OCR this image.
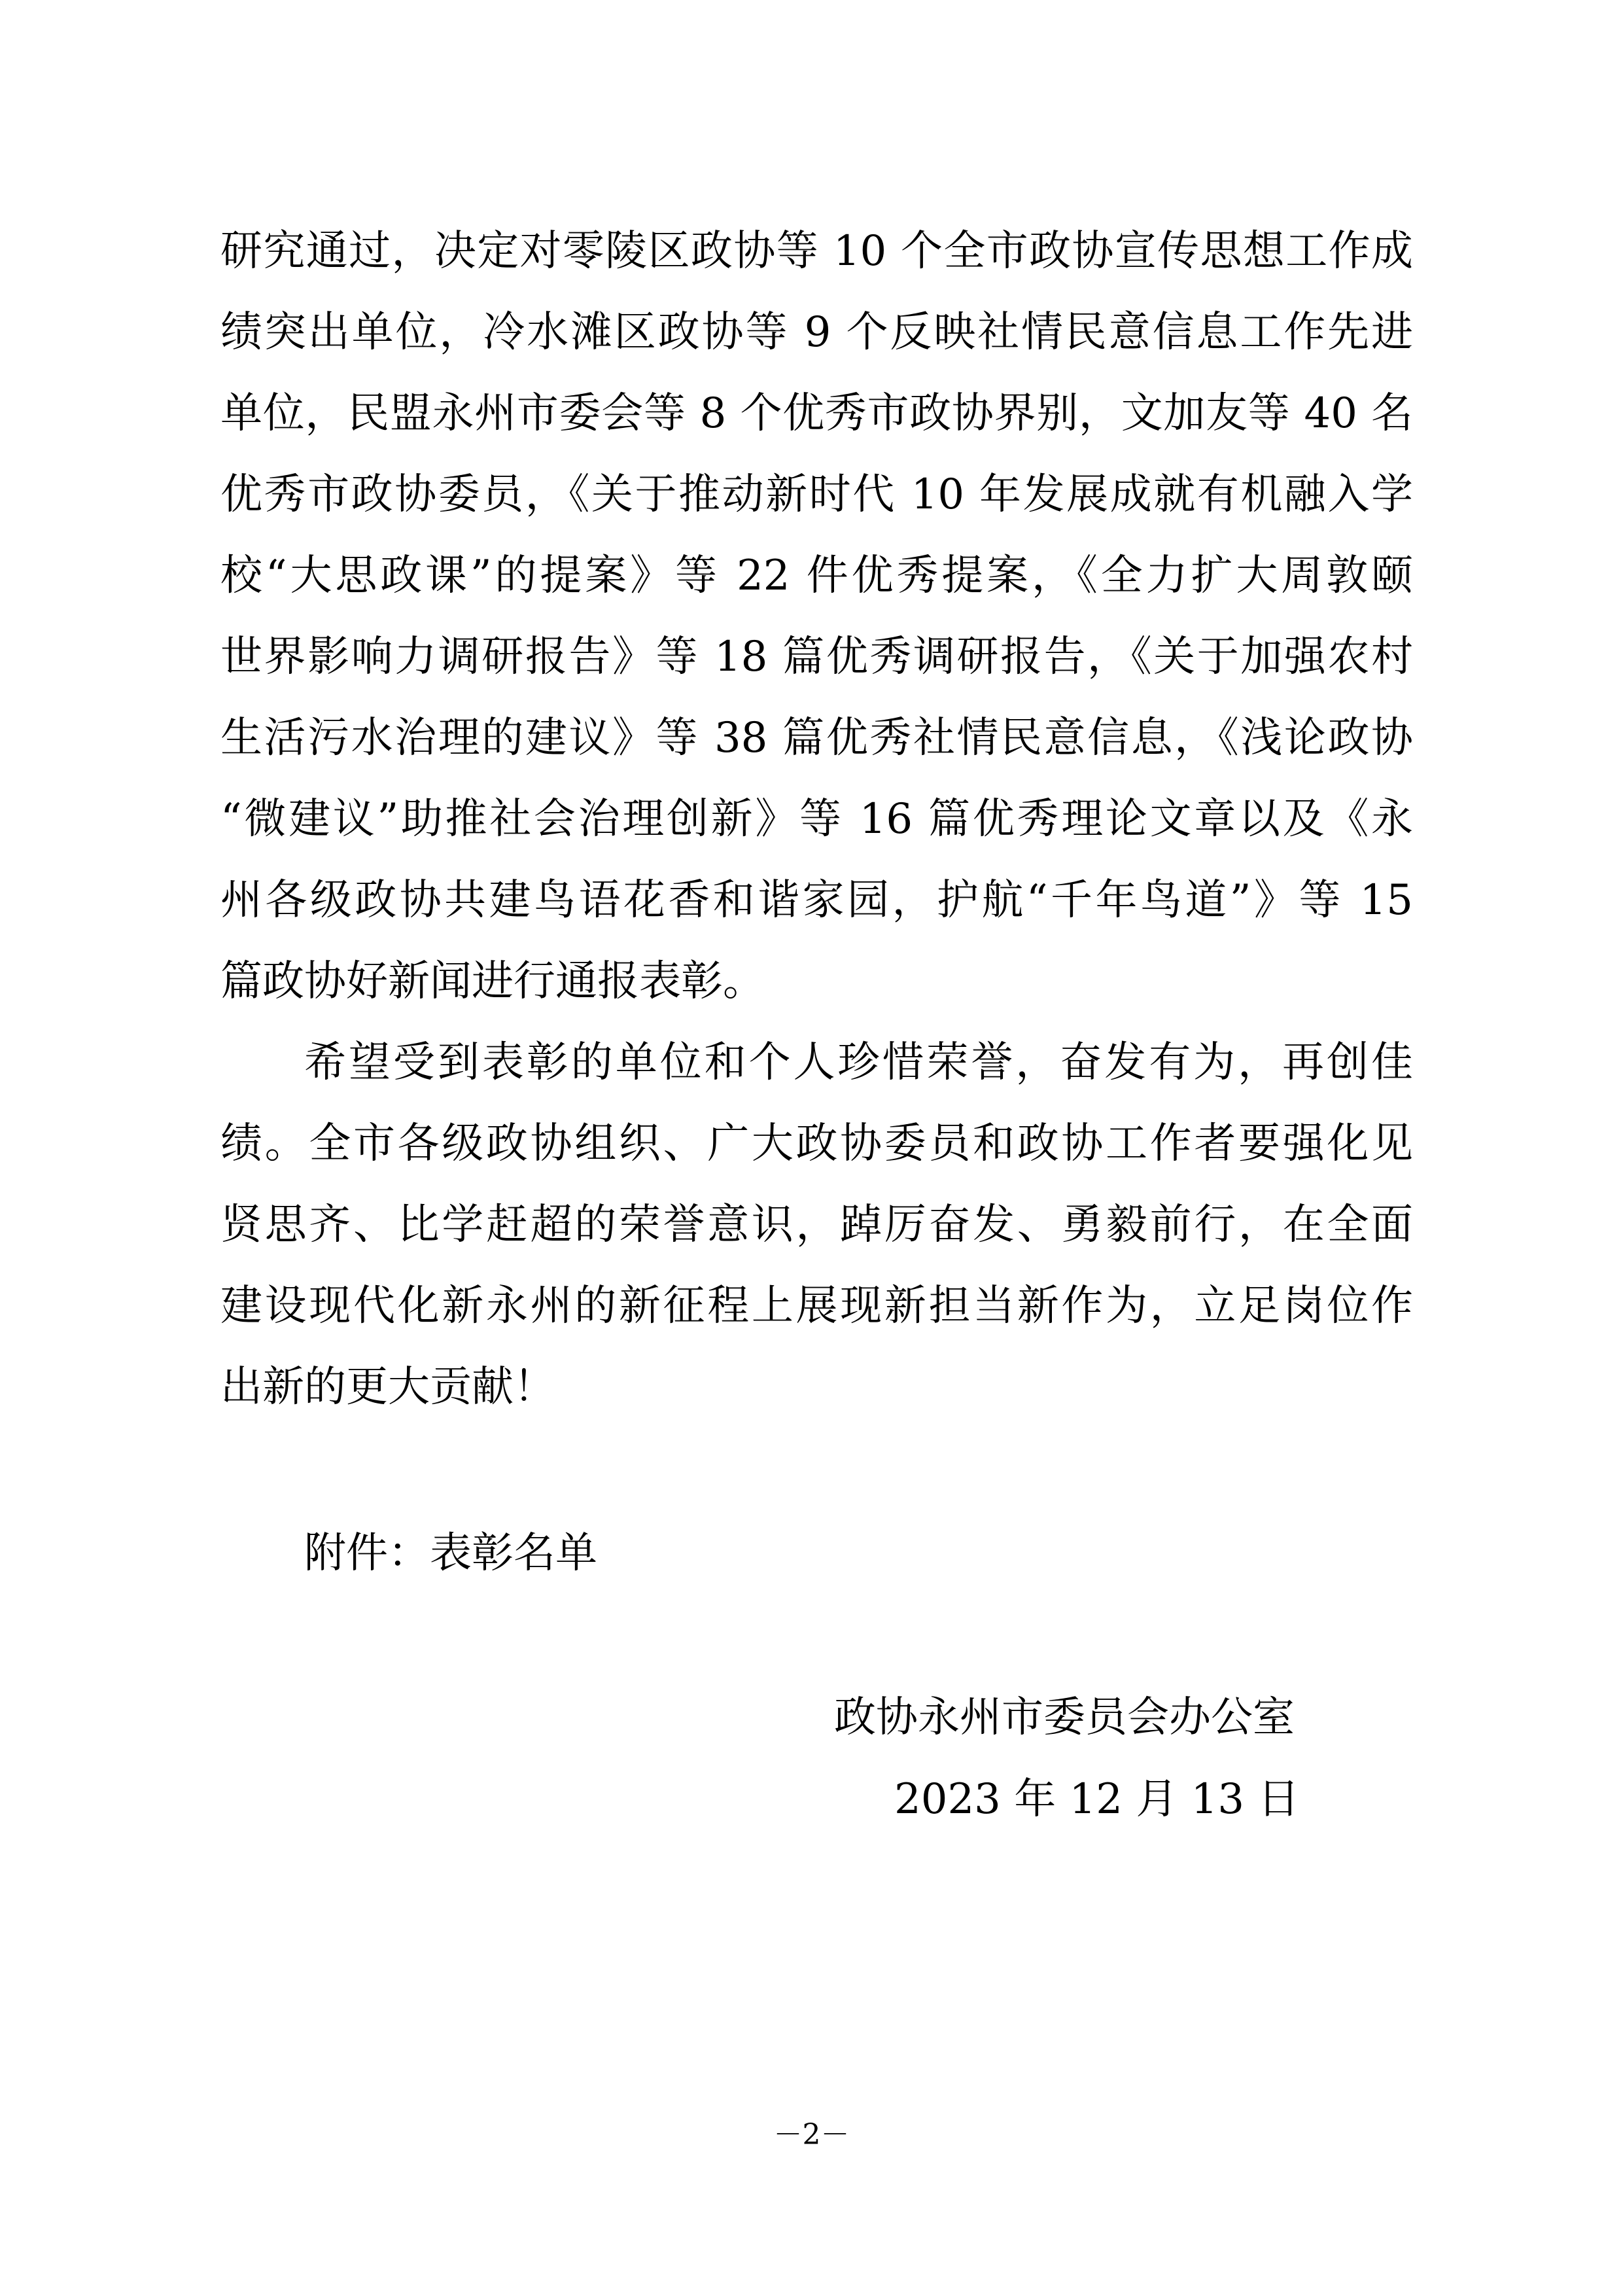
研究通过，决定对零陵区政协等 10 个全市政协宣传思想工作成
绩突出单位，冷水滩区政协等 9 个反映社情民意信息工作先进
单位，民盟永州市委会等 8 个优秀市政协界别，文加友等 40 名
优秀市政协委员，《关于推动新时代 10 年发展成就有机融入学
校“大思政课”的提案》等 22 件优秀提案，《全力扩大周敦颐
世界影响力调研报告》等 18 篇优秀调研报告，《关于加强农村
生活污水治理的建议》等 38 篇优秀社情民意信息，《浅论政协
“微建议”助推社会治理创新》等 16 篇优秀理论文章以及《永
州各级政协共建鸟语花香和谐家园，护航“千年鸟道”》等 15
篇政协好新闻进行通报表彰。
希望受到表彰的单位和个人珍惜荣誉，奋发有为，再创佳
绩。全市各级政协组织、广大政协委员和政协工作者要强化见
贤思齐、比学赶超的荣誉意识，踔厉奋发、勇毅前行，在全面
建设现代化新永州的新征程上展现新担当新作为，立足岗位作
出新的更大贡献！
附件：表彰名单
政协永州市委员会办公室
2023 年 12 月 13 日
－2－
